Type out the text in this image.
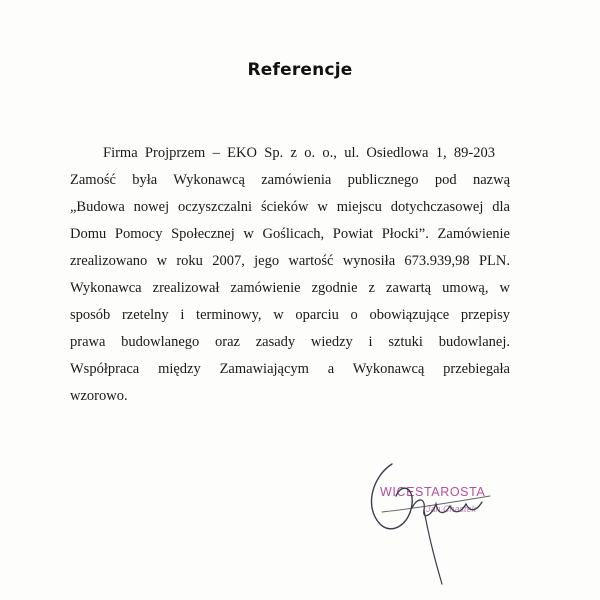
Referencje
Firma Projprzem – EKO Sp. z o. o., ul. Osiedlowa 1, 89-203
Zamość była Wykonawcą zamówienia publicznego pod nazwą
„Budowa nowej oczyszczalni ścieków w miejscu dotychczasowej dla
Domu Pomocy Społecznej w Goślicach, Powiat Płocki”. Zamówienie
zrealizowano w roku 2007, jego wartość wynosiła 673.939,98 PLN.
Wykonawca zrealizował zamówienie zgodnie z zawartą umową, w
sposób rzetelny i terminowy, w oparciu o obowiązujące przepisy
prawa budowlanego oraz zasady wiedzy i sztuki budowlanej.
Współpraca między Zamawiającym a Wykonawcą przebiegała
wzorowo.
WICESTAROSTA
Jan Chastek
